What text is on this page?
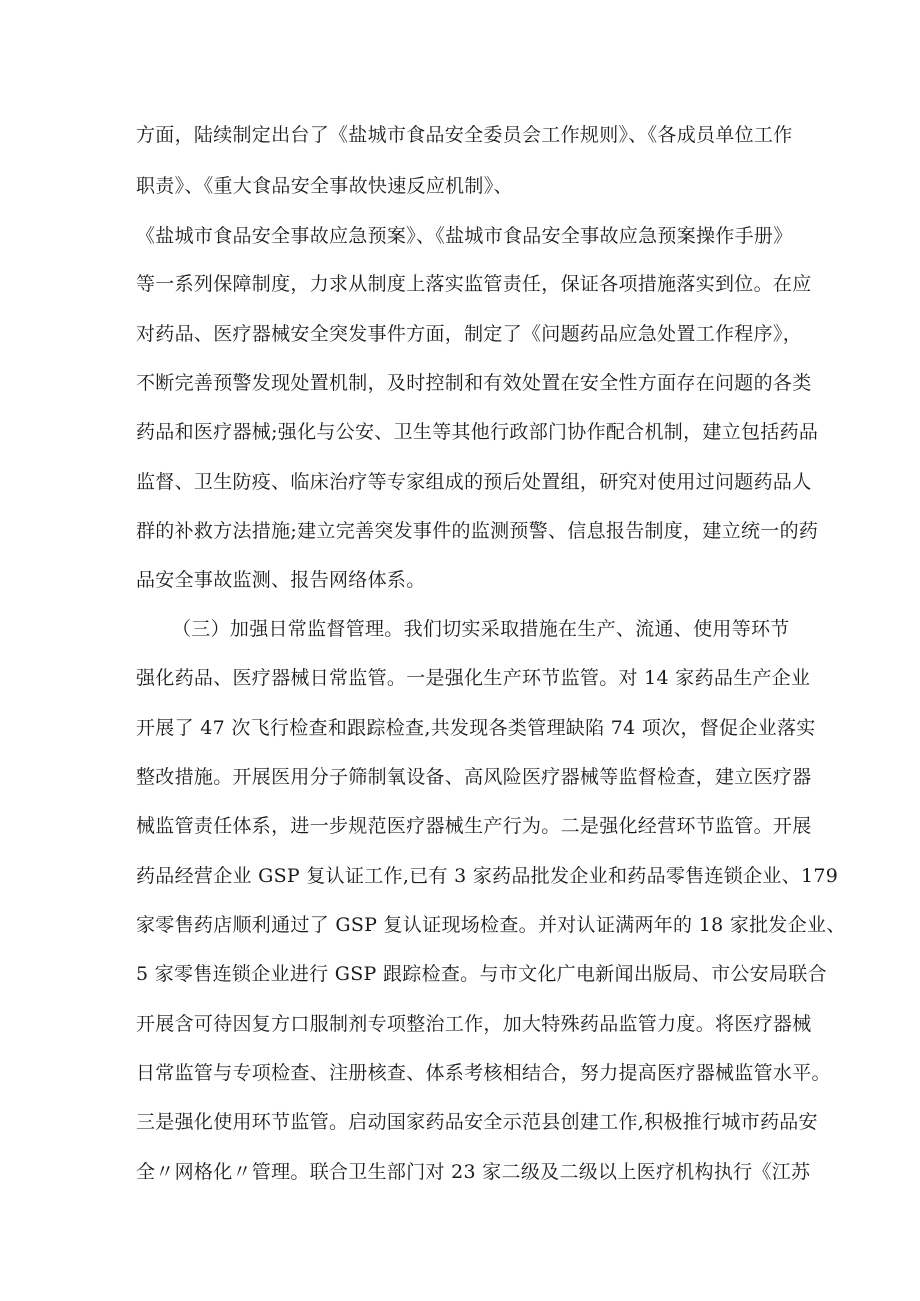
方面，陆续制定出台了《盐城市食品安全委员会工作规则》、《各成员单位工作
职责》、《重大食品安全事故快速反应机制》、
《盐城市食品安全事故应急预案》、《盐城市食品安全事故应急预案操作手册》
等一系列保障制度，力求从制度上落实监管责任，保证各项措施落实到位。在应
对药品、医疗器械安全突发事件方面，制定了《问题药品应急处置工作程序》，
不断完善预警发现处置机制，及时控制和有效处置在安全性方面存在问题的各类
药品和医疗器械;强化与公安、卫生等其他行政部门协作配合机制，建立包括药品
监督、卫生防疫、临床治疗等专家组成的预后处置组，研究对使用过问题药品人
群的补救方法措施;建立完善突发事件的监测预警、信息报告制度，建立统一的药
品安全事故监测、报告网络体系。
（三）加强日常监督管理。我们切实采取措施在生产、流通、使用等环节
强化药品、医疗器械日常监管。一是强化生产环节监管。对 14 家药品生产企业
开展了 47 次飞行检查和跟踪检查,共发现各类管理缺陷 74 项次，督促企业落实
整改措施。开展医用分子筛制氧设备、高风险医疗器械等监督检查，建立医疗器
械监管责任体系，进一步规范医疗器械生产行为。二是强化经营环节监管。开展
药品经营企业 GSP 复认证工作,已有 3 家药品批发企业和药品零售连锁企业、179
家零售药店顺利通过了 GSP 复认证现场检查。并对认证满两年的 18 家批发企业、
5 家零售连锁企业进行 GSP 跟踪检查。与市文化广电新闻出版局、市公安局联合
开展含可待因复方口服制剂专项整治工作，加大特殊药品监管力度。将医疗器械
日常监管与专项检查、注册核查、体系考核相结合，努力提高医疗器械监管水平。
三是强化使用环节监管。启动国家药品安全示范县创建工作,积极推行城市药品安
全〃网格化〃管理。联合卫生部门对 23 家二级及二级以上医疗机构执行《江苏
